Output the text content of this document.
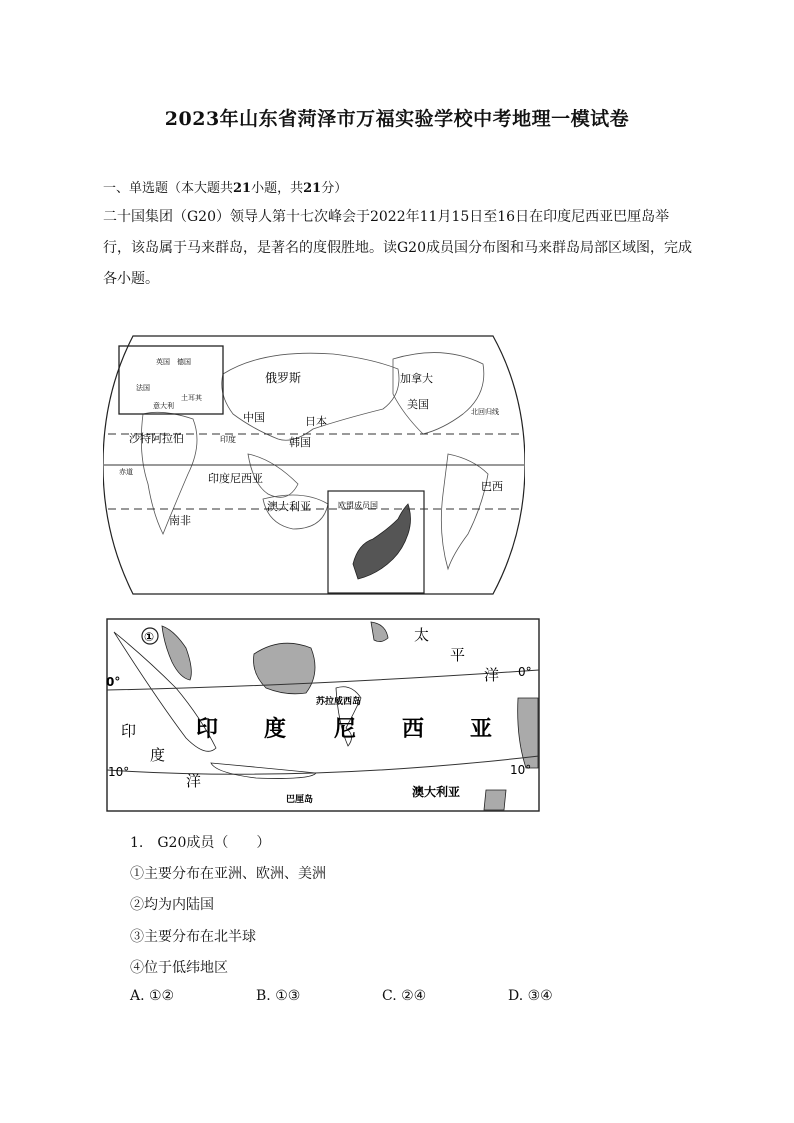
2023年山东省菏泽市万福实验学校中考地理一模试卷
一、单选题（本大题共21小题，共21分）
二十国集团（G20）领导人第十七次峰会于2022年11月15日至16日在印度尼西亚巴厘岛举行，该岛属于马来群岛，是著名的度假胜地。读G20成员国分布图和马来群岛局部区域图，完成各小题。
英国 德国
法国
土耳其
意大利
俄罗斯	加拿大
美国
中国	日本
韩国
沙特阿拉伯	印度
印度尼西亚
澳大利亚
南非
巴西
赤道
北回归线
欧盟成员国
①	太
平
洋
0°
0°
10°	10°
印
度
洋
印 度 尼 西 亚
苏拉威西岛
巴厘岛
澳大利亚
1.　G20成员（　　）
①主要分布在亚洲、欧洲、美洲
②均为内陆国
③主要分布在北半球
④位于低纬地区
A. ①②	B. ①③	C. ②④	D. ③④
